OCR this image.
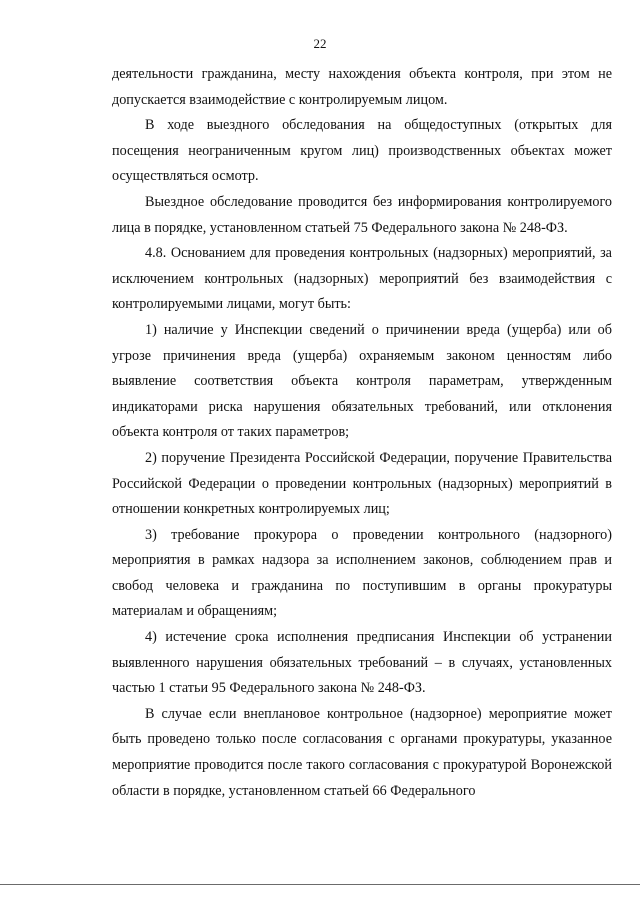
22

деятельности гражданина, месту нахождения объекта контроля, при этом не допускается взаимодействие с контролируемым лицом.

В ходе выездного обследования на общедоступных (открытых для посещения неограниченным кругом лиц) производственных объектах может осуществляться осмотр.

Выездное обследование проводится без информирования контролируемого лица в порядке, установленном статьей 75 Федерального закона № 248-ФЗ.

4.8. Основанием для проведения контрольных (надзорных) мероприятий, за исключением контрольных (надзорных) мероприятий без взаимодействия с контролируемыми лицами, могут быть:

1) наличие у Инспекции сведений о причинении вреда (ущерба) или об угрозе причинения вреда (ущерба) охраняемым законом ценностям либо выявление соответствия объекта контроля параметрам, утвержденным индикаторами риска нарушения обязательных требований, или отклонения объекта контроля от таких параметров;

2) поручение Президента Российской Федерации, поручение Правительства Российской Федерации о проведении контрольных (надзорных) мероприятий в отношении конкретных контролируемых лиц;

3) требование прокурора о проведении контрольного (надзорного) мероприятия в рамках надзора за исполнением законов, соблюдением прав и свобод человека и гражданина по поступившим в органы прокуратуры материалам и обращениям;

4) истечение срока исполнения предписания Инспекции об устранении выявленного нарушения обязательных требований – в случаях, установленных частью 1 статьи 95 Федерального закона № 248-ФЗ.

В случае если внеплановое контрольное (надзорное) мероприятие может быть проведено только после согласования с органами прокуратуры, указанное мероприятие проводится после такого согласования с прокуратурой Воронежской области в порядке, установленном статьей 66 Федерального
